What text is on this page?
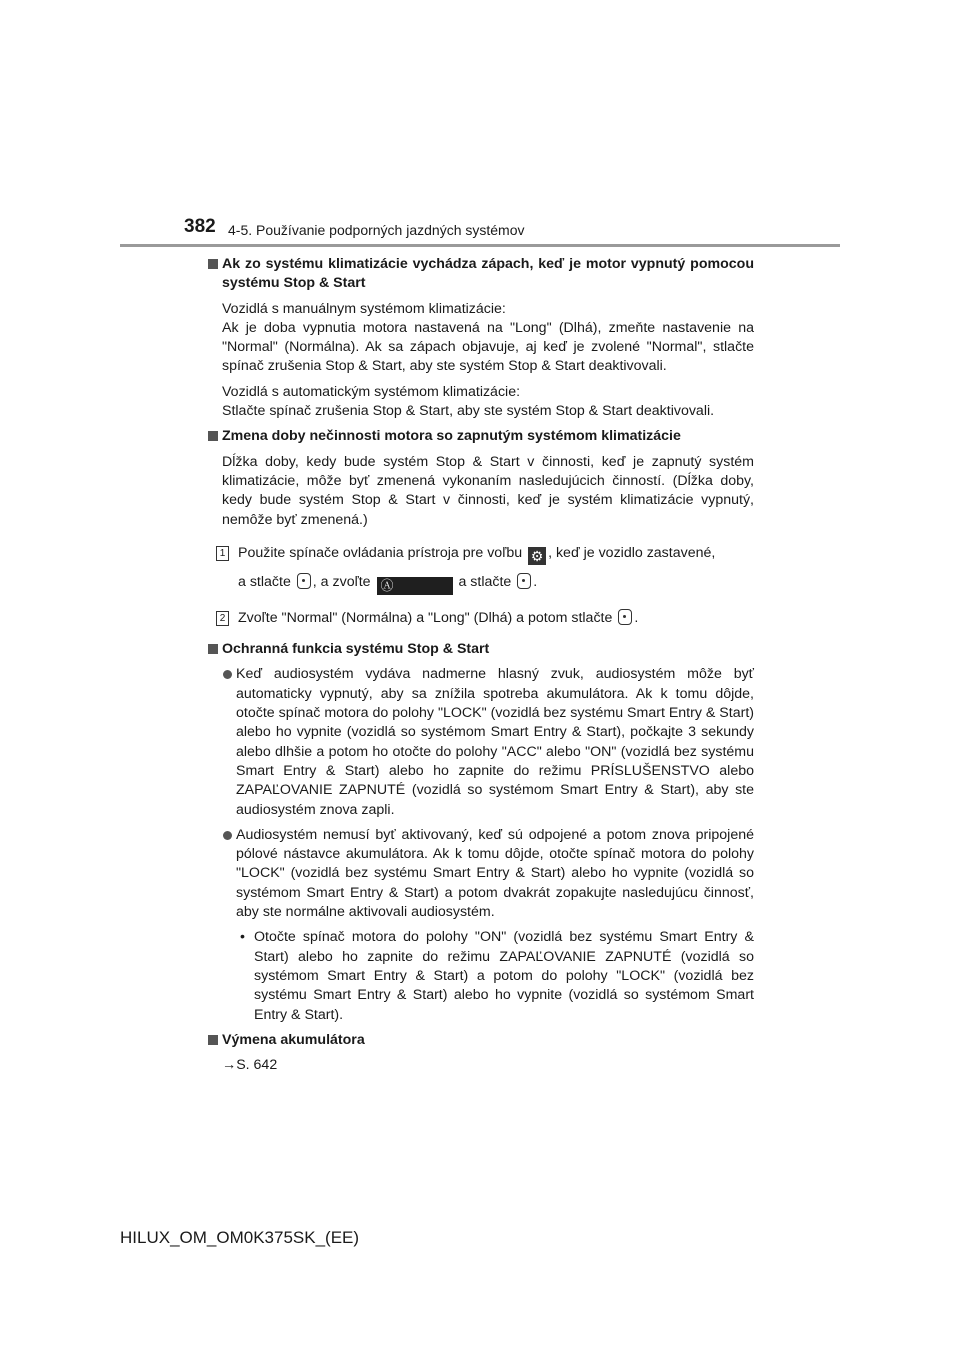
382 4-5. Používanie podporných jazdných systémov

Ak zo systému klimatizácie vychádza zápach, keď je motor vypnutý pomocou systému Stop & Start

Vozidlá s manuálnym systémom klimatizácie:
Ak je doba vypnutia motora nastavená na "Long" (Dlhá), zmeňte nastavenie na "Normal" (Normálna). Ak sa zápach objavuje, aj keď je zvolené "Normal", stlačte spínač zrušenia Stop & Start, aby ste systém Stop & Start deaktivovali.
Vozidlá s automatickým systémom klimatizácie:
Stlačte spínač zrušenia Stop & Start, aby ste systém Stop & Start deaktivovali.

Zmena doby nečinnosti motora so zapnutým systémom klimatizácie

Dĺžka doby, kedy bude systém Stop & Start v činnosti, keď je zapnutý systém klimatizácie, môže byť zmenená vykonaním nasledujúcich činností. (Dĺžka doby, kedy bude systém Stop & Start v činnosti, keď je systém klimatizácie vypnutý, nemôže byť zmenená.)
1 Použite spínače ovládania prístroja pre voľbu ⚙ , keď je vozidlo zastavené,
a stlačte , a zvoľte Ⓐ	a stlačte .
2 Zvoľte "Normal" (Normálna) a "Long" (Dlhá) a potom stlačte .

Ochranná funkcia systému Stop & Start

Keď audiosystém vydáva nadmerne hlasný zvuk, audiosystém môže byť automaticky vypnutý, aby sa znížila spotreba akumulátora. Ak k tomu dôjde, otočte spínač motora do polohy "LOCK" (vozidlá bez systému Smart Entry & Start) alebo ho vypnite (vozidlá so systémom Smart Entry & Start), počkajte 3 sekundy alebo dlhšie a potom ho otočte do polohy "ACC" alebo "ON" (vozidlá bez systému Smart Entry & Start) alebo ho zapnite do režimu PRÍSLUŠENSTVO alebo ZAPAĽOVANIE ZAPNUTÉ (vozidlá so systémom Smart Entry & Start), aby ste audiosystém znova zapli.
Audiosystém nemusí byť aktivovaný, keď sú odpojené a potom znova pripojené pólové nástavce akumulátora. Ak k tomu dôjde, otočte spínač motora do polohy "LOCK" (vozidlá bez systému Smart Entry & Start) alebo ho vypnite (vozidlá so systémom Smart Entry & Start) a potom dvakrát zopakujte nasledujúcu činnosť, aby ste normálne aktivovali audiosystém.
• Otočte spínač motora do polohy "ON" (vozidlá bez systému Smart Entry & Start) alebo ho zapnite do režimu ZAPAĽOVANIE ZAPNUTÉ (vozidlá so systémom Smart Entry & Start) a potom do polohy "LOCK" (vozidlá bez systému Smart Entry & Start) alebo ho vypnite (vozidlá so systémom Smart Entry & Start).

Výmena akumulátora

→S. 642
HILUX_OM_OM0K375SK_(EE)
